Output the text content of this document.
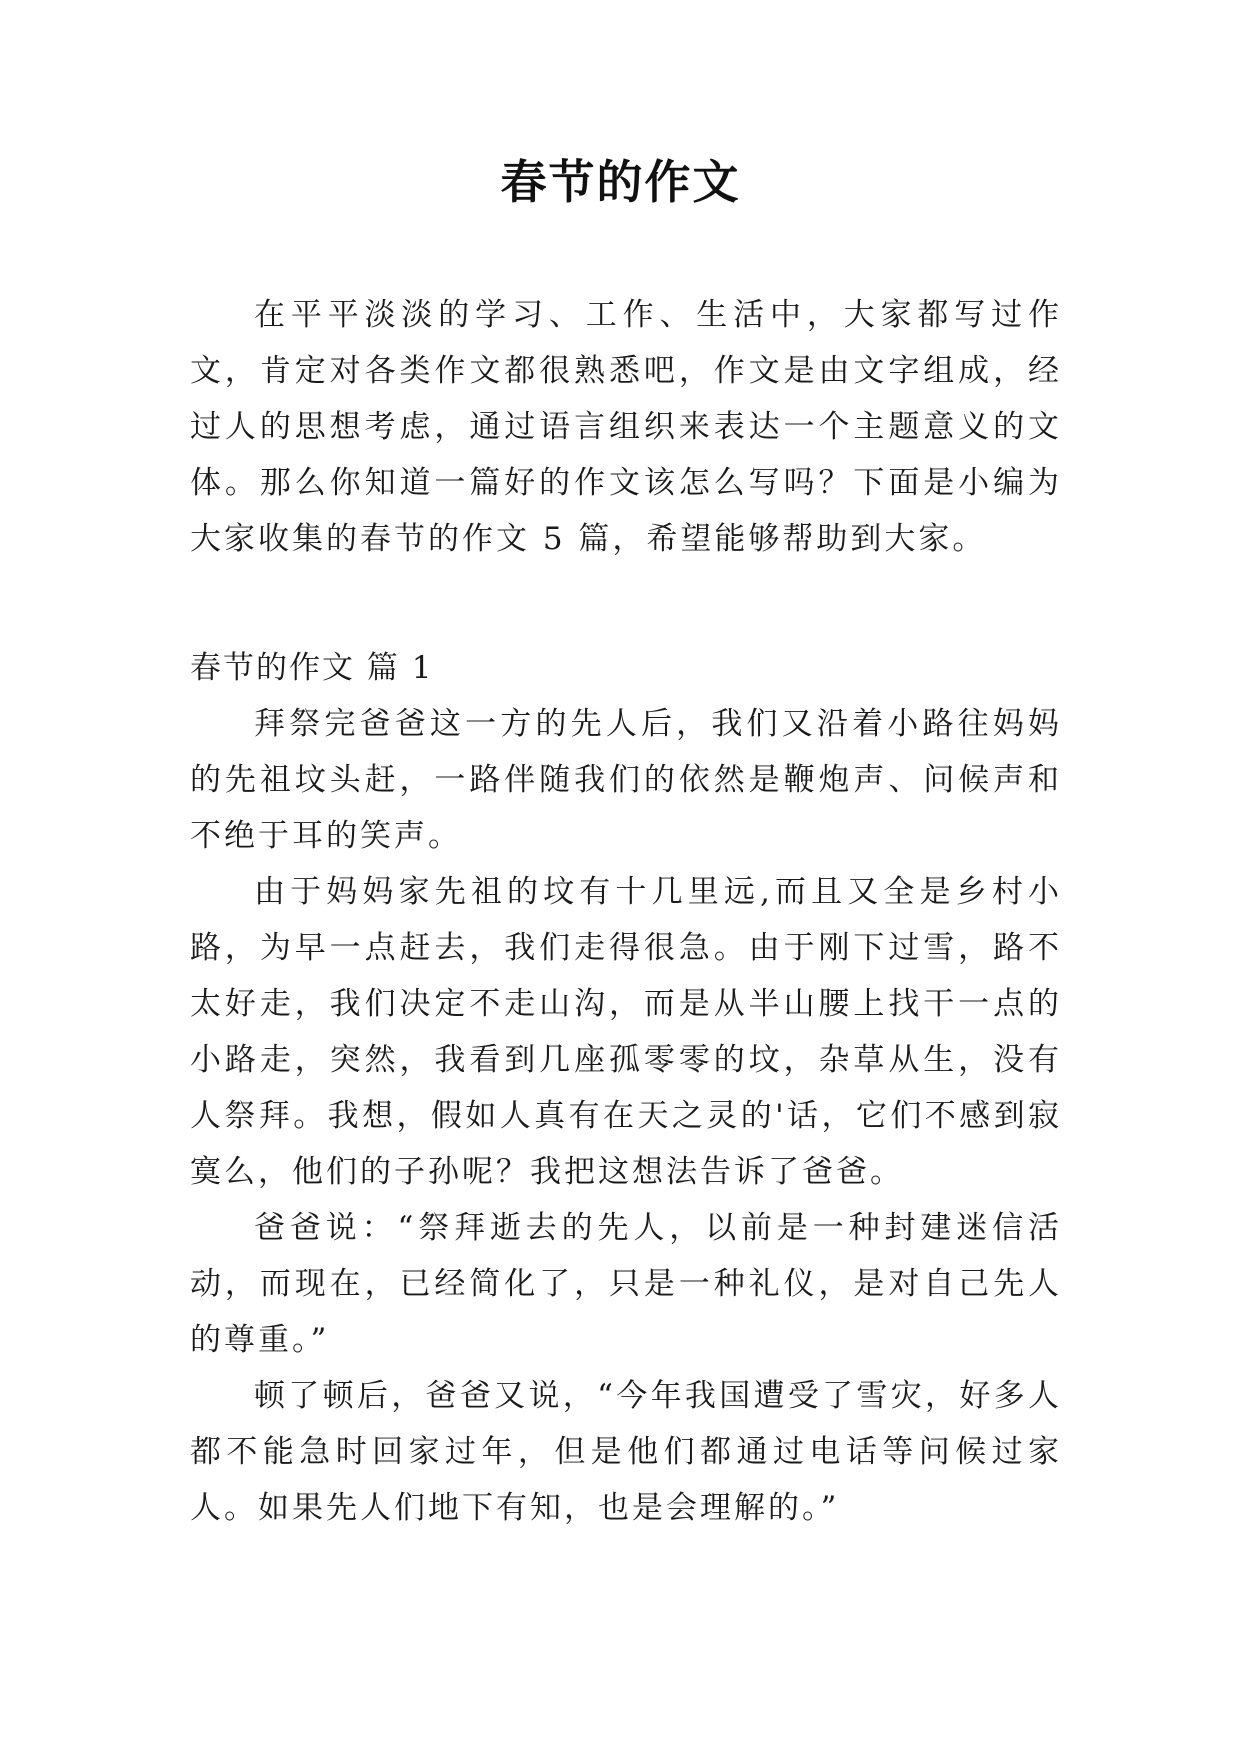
春节的作文

在平平淡淡的学习、工作、生活中，大家都写过作文，肯定对各类作文都很熟悉吧，作文是由文字组成，经过人的思想考虑，通过语言组织来表达一个主题意义的文体。那么你知道一篇好的作文该怎么写吗？下面是小编为大家收集的春节的作文 5 篇，希望能够帮助到大家。

春节的作文 篇 1

拜祭完爸爸这一方的先人后，我们又沿着小路往妈妈的先祖坟头赶，一路伴随我们的依然是鞭炮声、问候声和不绝于耳的笑声。

由于妈妈家先祖的坟有十几里远,而且又全是乡村小路，为早一点赶去，我们走得很急。由于刚下过雪，路不太好走，我们决定不走山沟，而是从半山腰上找干一点的小路走，突然，我看到几座孤零零的坟，杂草从生，没有人祭拜。我想，假如人真有在天之灵的'话，它们不感到寂寞么，他们的子孙呢？我把这想法告诉了爸爸。

爸爸说：“祭拜逝去的先人，以前是一种封建迷信活动，而现在，已经简化了，只是一种礼仪，是对自己先人的尊重。”

顿了顿后，爸爸又说，“今年我国遭受了雪灾，好多人都不能急时回家过年，但是他们都通过电话等问候过家人。如果先人们地下有知，也是会理解的。”
